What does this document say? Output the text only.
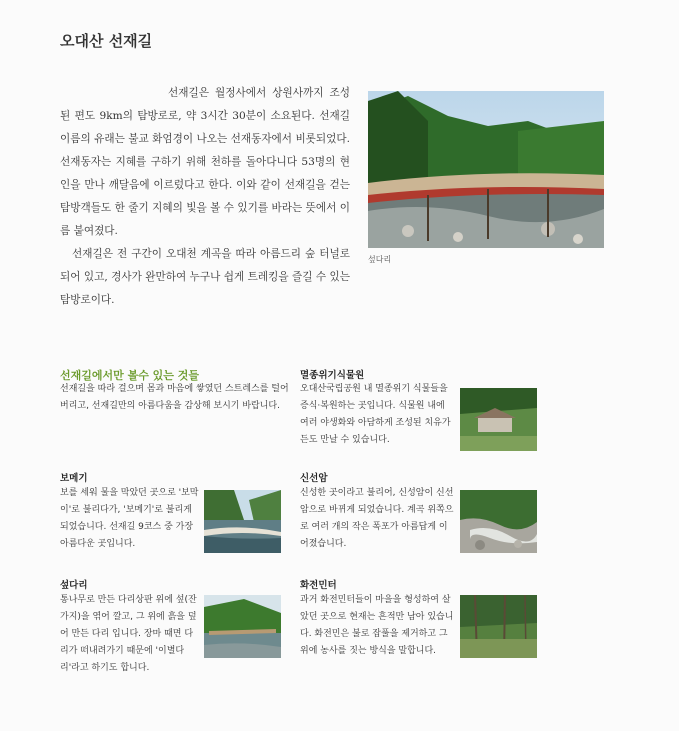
오대산 선재길

선재길은 월정사에서 상원사까지 조성된 편도 9km의 탐방로로, 약 3시간 30분이 소요된다. 선재길 이름의 유래는 불교 화엄경이 나오는 선재동자에서 비롯되었다. 선재동자는 지혜를 구하기 위해 천하를 돌아다니다 53명의 현인을 만나 깨달음에 이르렀다고 한다. 이와 같이 선재길을 걷는 탐방객들도 한 줄기 지혜의 빛을 볼 수 있기를 바라는 뜻에서 이름 붙여졌다.

선재길은 전 구간이 오대천 계곡을 따라 아름드리 숲 터널로 되어 있고, 경사가 완만하여 누구나 쉽게 트레킹을 즐길 수 있는 탐방로이다.

섶다리
선재길에서만 볼수 있는 것들
선재길을 따라 걸으며 몸과 마음에 쌓였던 스트레스를 털어버리고, 선재길만의 아름다움을 감상해 보시기 바랍니다.
보메기
보를 세워 물을 막았던 곳으로 '보막이'로 불리다가, '보메기'로 불리게 되었습니다. 선재길 9코스 중 가장 아름다운 곳입니다.
섶다리
통나무로 만든 다리상판 위에 섶(잔가지)을 엮어 깔고, 그 위에 흙을 덮어 만든 다리 입니다. 장마 때면 다리가 떠내려가기 때문에 '이별다리'라고 하기도 합니다.
멸종위기식물원
오대산국립공원 내 멸종위기 식물들을 증식·복원하는 곳입니다. 식물원 내에 여러 야생화와 아담하게 조성된 치유가든도 만날 수 있습니다.
신선암
신성한 곳이라고 불리어, 신성암이 신선암으로 바뀌게 되었습니다. 계곡 위쪽으로 여러 개의 작은 폭포가 아름답게 이어졌습니다.
화전민터
과거 화전민터들이 마을을 형성하여 살았던 곳으로 현재는 흔적만 남아 있습니다. 화전민은 불로 잡풀을 제거하고 그 위에 농사를 짓는 방식을 말합니다.
